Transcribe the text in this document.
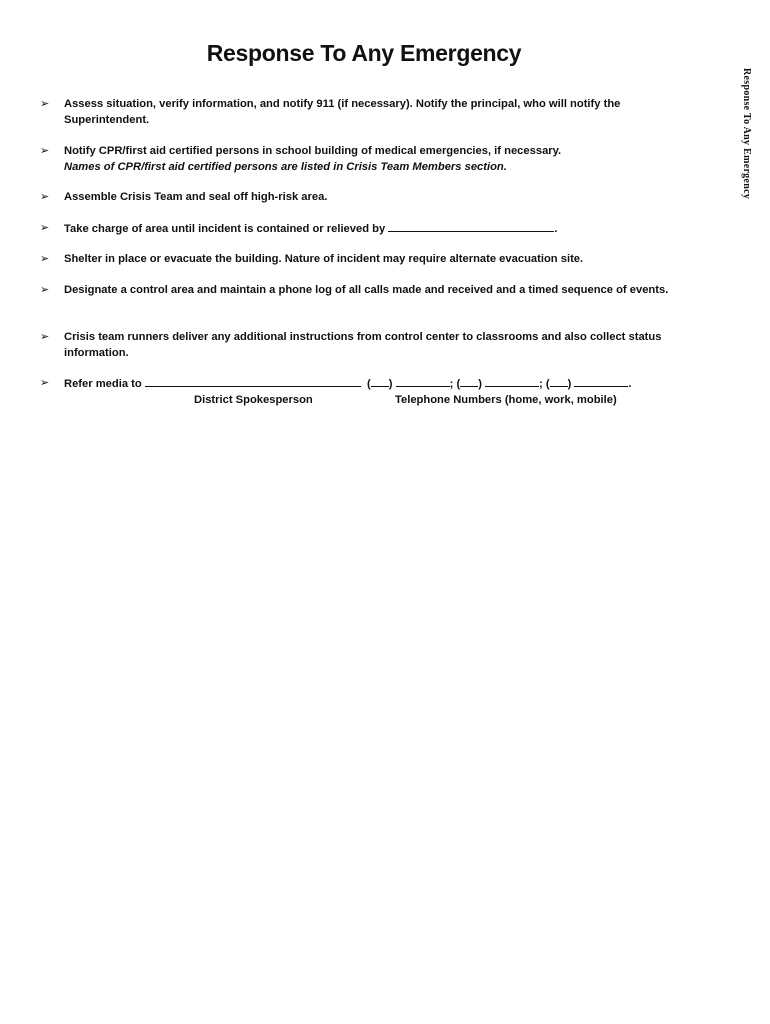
Response To Any Emergency
Response To Any Emergency
➢	Assess situation, verify information, and notify 911 (if necessary). Notify the principal, who will notify the Superintendent.
➢	Notify CPR/first aid certified persons in school building of medical emergencies, if necessary.
Names of CPR/first aid certified persons are listed in Crisis Team Members section.
➢	Assemble Crisis Team and seal off high-risk area.
➢	Take charge of area until incident is contained or relieved by	.
➢	Shelter in place or evacuate the building. Nature of incident may require alternate evacuation site.
➢	Designate a control area and maintain a phone log of all calls made and received and a timed sequence of events.
➢	Crisis team runners deliver any additional instructions from control center to classrooms and also collect status information.
➢	Refer media to	( )	; ( )	; ( )	.
District Spokesperson	Telephone Numbers (home, work, mobile)
